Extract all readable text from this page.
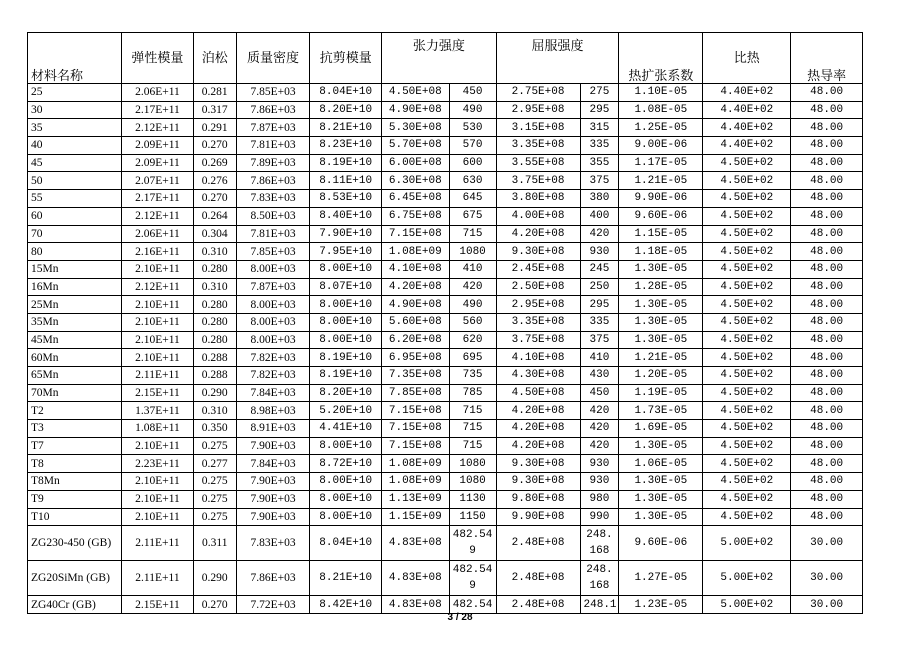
材料名称	弹性模量	泊松	质量密度	抗剪模量	张力强度		屈服强度		热扩张系数	比热	热导率
25	2.06E+11	0.281	7.85E+03	8.04E+10	4.50E+08	450	2.75E+08	275	1.10E-05	4.40E+02	48.00
30	2.17E+11	0.317	7.86E+03	8.20E+10	4.90E+08	490	2.95E+08	295	1.08E-05	4.40E+02	48.00
35	2.12E+11	0.291	7.87E+03	8.21E+10	5.30E+08	530	3.15E+08	315	1.25E-05	4.40E+02	48.00
40	2.09E+11	0.270	7.81E+03	8.23E+10	5.70E+08	570	3.35E+08	335	9.00E-06	4.40E+02	48.00
45	2.09E+11	0.269	7.89E+03	8.19E+10	6.00E+08	600	3.55E+08	355	1.17E-05	4.50E+02	48.00
50	2.07E+11	0.276	7.86E+03	8.11E+10	6.30E+08	630	3.75E+08	375	1.21E-05	4.50E+02	48.00
55	2.17E+11	0.270	7.83E+03	8.53E+10	6.45E+08	645	3.80E+08	380	9.90E-06	4.50E+02	48.00
60	2.12E+11	0.264	8.50E+03	8.40E+10	6.75E+08	675	4.00E+08	400	9.60E-06	4.50E+02	48.00
70	2.06E+11	0.304	7.81E+03	7.90E+10	7.15E+08	715	4.20E+08	420	1.15E-05	4.50E+02	48.00
80	2.16E+11	0.310	7.85E+03	7.95E+10	1.08E+09	1080	9.30E+08	930	1.18E-05	4.50E+02	48.00
15Mn	2.10E+11	0.280	8.00E+03	8.00E+10	4.10E+08	410	2.45E+08	245	1.30E-05	4.50E+02	48.00
16Mn	2.12E+11	0.310	7.87E+03	8.07E+10	4.20E+08	420	2.50E+08	250	1.28E-05	4.50E+02	48.00
25Mn	2.10E+11	0.280	8.00E+03	8.00E+10	4.90E+08	490	2.95E+08	295	1.30E-05	4.50E+02	48.00
35Mn	2.10E+11	0.280	8.00E+03	8.00E+10	5.60E+08	560	3.35E+08	335	1.30E-05	4.50E+02	48.00
45Mn	2.10E+11	0.280	8.00E+03	8.00E+10	6.20E+08	620	3.75E+08	375	1.30E-05	4.50E+02	48.00
60Mn	2.10E+11	0.288	7.82E+03	8.19E+10	6.95E+08	695	4.10E+08	410	1.21E-05	4.50E+02	48.00
65Mn	2.11E+11	0.288	7.82E+03	8.19E+10	7.35E+08	735	4.30E+08	430	1.20E-05	4.50E+02	48.00
70Mn	2.15E+11	0.290	7.84E+03	8.20E+10	7.85E+08	785	4.50E+08	450	1.19E-05	4.50E+02	48.00
T2	1.37E+11	0.310	8.98E+03	5.20E+10	7.15E+08	715	4.20E+08	420	1.73E-05	4.50E+02	48.00
T3	1.08E+11	0.350	8.91E+03	4.41E+10	7.15E+08	715	4.20E+08	420	1.69E-05	4.50E+02	48.00
T7	2.10E+11	0.275	7.90E+03	8.00E+10	7.15E+08	715	4.20E+08	420	1.30E-05	4.50E+02	48.00
T8	2.23E+11	0.277	7.84E+03	8.72E+10	1.08E+09	1080	9.30E+08	930	1.06E-05	4.50E+02	48.00
T8Mn	2.10E+11	0.275	7.90E+03	8.00E+10	1.08E+09	1080	9.30E+08	930	1.30E-05	4.50E+02	48.00
T9	2.10E+11	0.275	7.90E+03	8.00E+10	1.13E+09	1130	9.80E+08	980	1.30E-05	4.50E+02	48.00
T10	2.10E+11	0.275	7.90E+03	8.00E+10	1.15E+09	1150	9.90E+08	990	1.30E-05	4.50E+02	48.00
ZG230-450 (GB)	2.11E+11	0.311	7.83E+03	8.04E+10	4.83E+08	482.549	2.48E+08	248.168	9.60E-06	5.00E+02	30.00
ZG20SiMn (GB)	2.11E+11	0.290	7.86E+03	8.21E+10	4.83E+08	482.549	2.48E+08	248.168	1.27E-05	5.00E+02	30.00
ZG40Cr (GB)	2.15E+11	0.270	7.72E+03	8.42E+10	4.83E+08	482.54	2.48E+08	248.1	1.23E-05	5.00E+02	30.00
3 / 28
